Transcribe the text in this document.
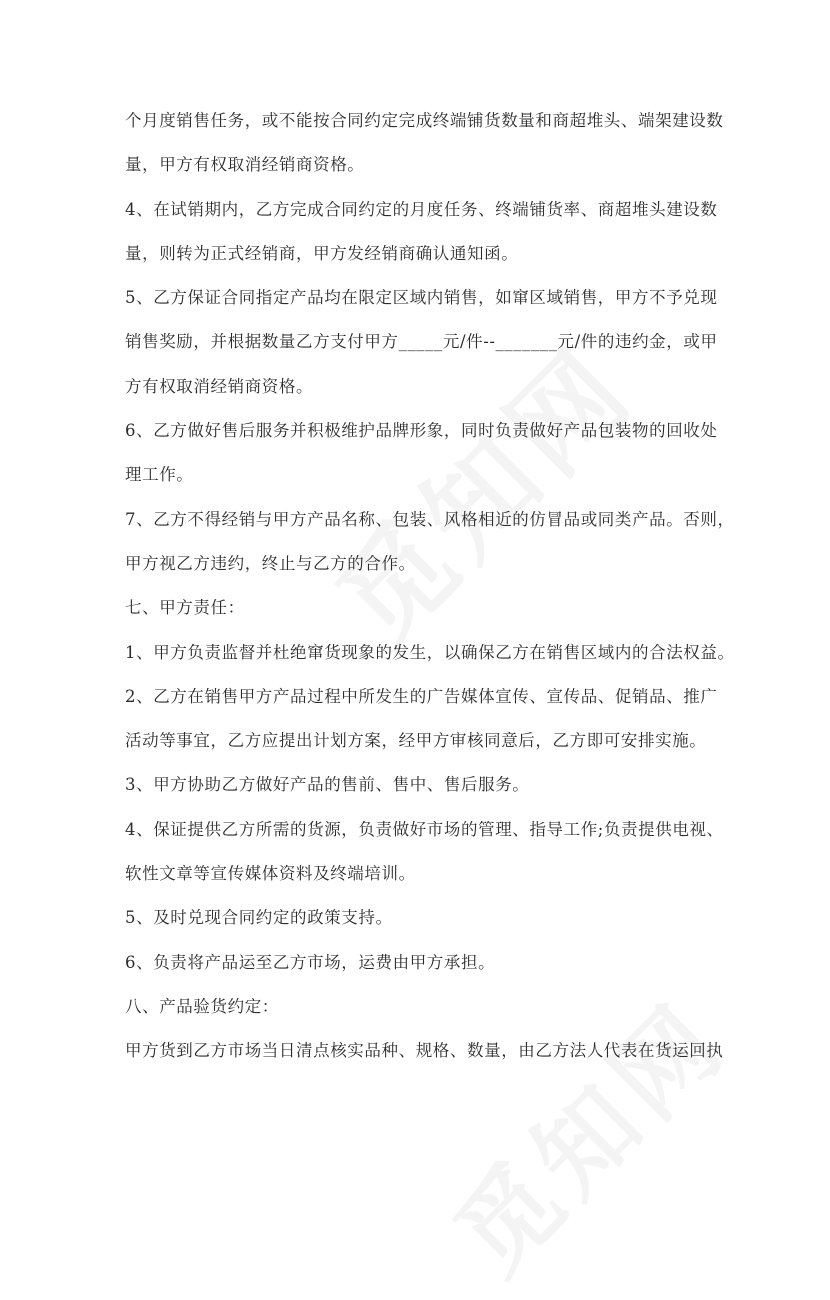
个月度销售任务，或不能按合同约定完成终端铺货数量和商超堆头、端架建设数
量，甲方有权取消经销商资格。
4、在试销期内，乙方完成合同约定的月度任务、终端铺货率、商超堆头建设数
量，则转为正式经销商，甲方发经销商确认通知函。
5、乙方保证合同指定产品均在限定区域内销售，如窜区域销售，甲方不予兑现
销售奖励，并根据数量乙方支付甲方_____元/件--_______元/件的违约金，或甲
方有权取消经销商资格。
6、乙方做好售后服务并积极维护品牌形象，同时负责做好产品包装物的回收处
理工作。
7、乙方不得经销与甲方产品名称、包装、风格相近的仿冒品或同类产品。否则，
甲方视乙方违约，终止与乙方的合作。
七、甲方责任：
1、甲方负责监督并杜绝窜货现象的发生，以确保乙方在销售区域内的合法权益。
2、乙方在销售甲方产品过程中所发生的广告媒体宣传、宣传品、促销品、推广
活动等事宜，乙方应提出计划方案，经甲方审核同意后，乙方即可安排实施。
3、甲方协助乙方做好产品的售前、售中、售后服务。
4、保证提供乙方所需的货源，负责做好市场的管理、指导工作;负责提供电视、
软性文章等宣传媒体资料及终端培训。
5、及时兑现合同约定的政策支持。
6、负责将产品运至乙方市场，运费由甲方承担。
八、产品验货约定：
甲方货到乙方市场当日清点核实品种、规格、数量，由乙方法人代表在货运回执
